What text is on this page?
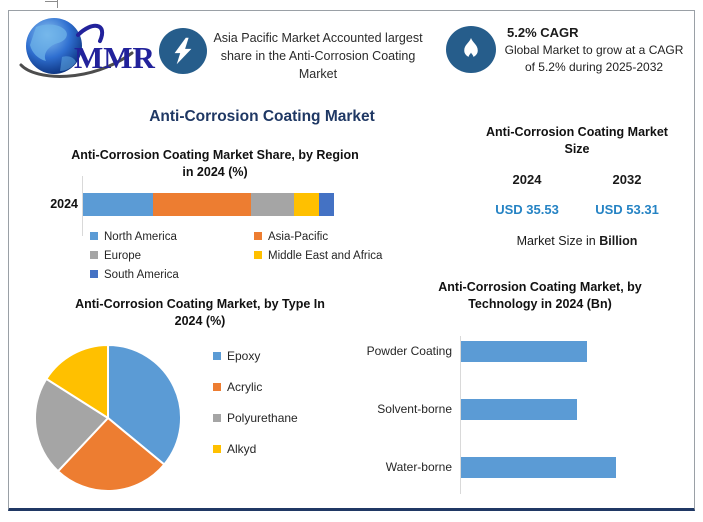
MMR
Asia Pacific Market Accounted largest share in the Anti-Corrosion Coating Market
5.2% CAGR
Global Market to grow at a CAGR of 5.2% during 2025-2032
Anti-Corrosion Coating Market
Anti-Corrosion Coating Market Share, by Region in 2024 (%)
2024
North America	Asia-Pacific
Europe	Middle East and Africa
South America
Anti-Corrosion Coating Market Size
2024	2032
USD 35.53	USD 53.31
Market Size in Billion
Anti-Corrosion Coating Market, by Type In 2024 (%)
Epoxy
Acrylic
Polyurethane
Alkyd
Anti-Corrosion Coating Market, by Technology in 2024 (Bn)
Powder Coating
Solvent-borne
Water-borne
